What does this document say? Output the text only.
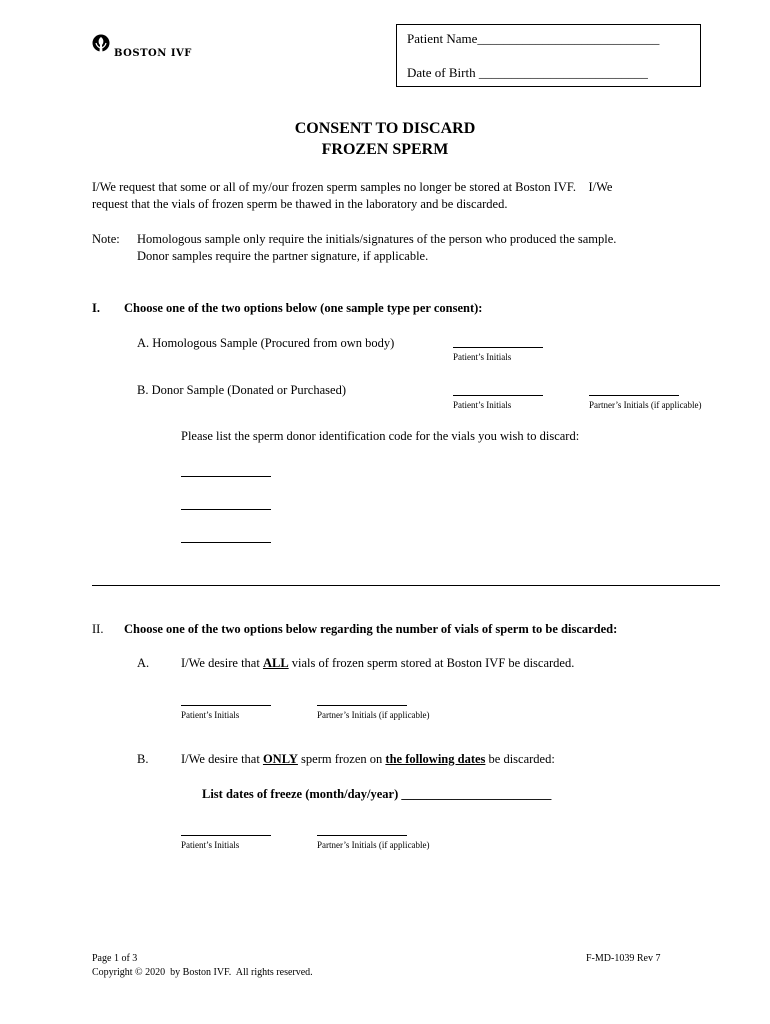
BOSTON IVF
Patient Name____________________________
Date of Birth __________________________
CONSENT TO DISCARD
FROZEN SPERM
I/We request that some or all of my/our frozen sperm samples no longer be stored at Boston IVF.    I/We
request that the vials of frozen sperm be thawed in the laboratory and be discarded.
Note: Homologous sample only require the initials/signatures of the person who produced the sample.
Donor samples require the partner signature, if applicable.
I. Choose one of the two options below (one sample type per consent):
A. Homologous Sample (Procured from own body)
Patient’s Initials
B. Donor Sample (Donated or Purchased)
Patient’s Initials	Partner’s Initials (if applicable)
Please list the sperm donor identification code for the vials you wish to discard:
II. Choose one of the two options below regarding the number of vials of sperm to be discarded:
A.	I/We desire that ALL vials of frozen sperm stored at Boston IVF be discarded.
Patient’s Initials	Partner’s Initials (if applicable)
B.	I/We desire that ONLY sperm frozen on the following dates be discarded:
List dates of freeze (month/day/year) ________________________
Patient’s Initials	Partner’s Initials (if applicable)
Page 1 of 3
Copyright © 2020  by Boston IVF.  All rights reserved.
F-MD-1039 Rev 7
